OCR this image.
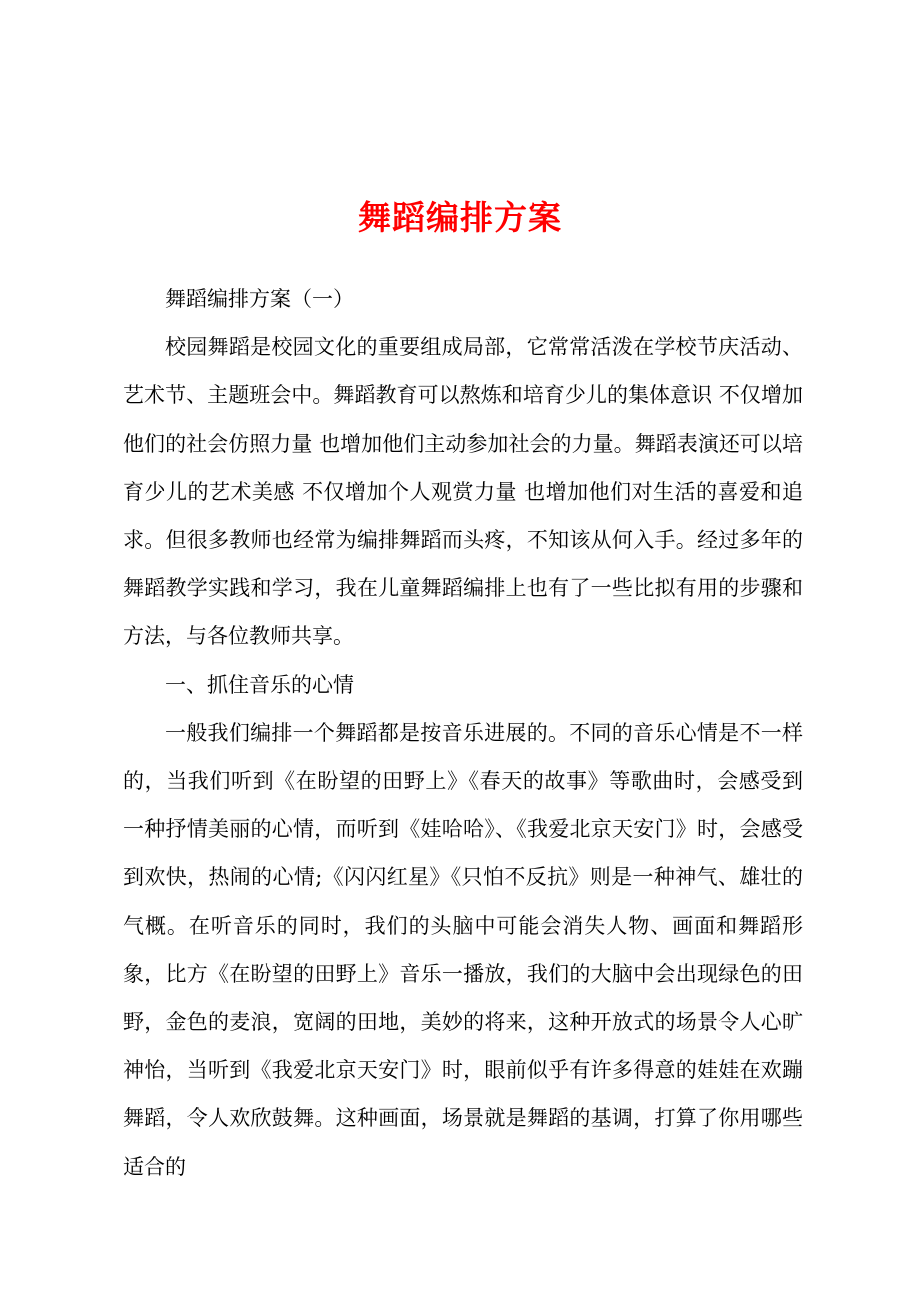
舞蹈编排方案

舞蹈编排方案（一）

校园舞蹈是校园文化的重要组成局部，它常常活泼在学校节庆活动、艺术节、主题班会中。舞蹈教育可以熬炼和培育少儿的集体意识 不仅增加他们的社会仿照力量 也增加他们主动参加社会的力量。舞蹈表演还可以培育少儿的艺术美感 不仅增加个人观赏力量 也增加他们对生活的喜爱和追求。但很多教师也经常为编排舞蹈而头疼，不知该从何入手。经过多年的舞蹈教学实践和学习，我在儿童舞蹈编排上也有了一些比拟有用的步骤和方法，与各位教师共享。

一、抓住音乐的心情

一般我们编排一个舞蹈都是按音乐进展的。不同的音乐心情是不一样的，当我们听到《在盼望的田野上》《春天的故事》等歌曲时，会感受到一种抒情美丽的心情，而听到《娃哈哈》、《我爱北京天安门》时，会感受到欢快，热闹的心情;《闪闪红星》《只怕不反抗》则是一种神气、雄壮的气概。在听音乐的同时，我们的头脑中可能会消失人物、画面和舞蹈形象，比方《在盼望的田野上》音乐一播放，我们的大脑中会出现绿色的田野，金色的麦浪，宽阔的田地，美妙的将来，这种开放式的场景令人心旷神怡，当听到《我爱北京天安门》时，眼前似乎有许多得意的娃娃在欢蹦舞蹈，令人欢欣鼓舞。这种画面，场景就是舞蹈的基调，打算了你用哪些适合的
